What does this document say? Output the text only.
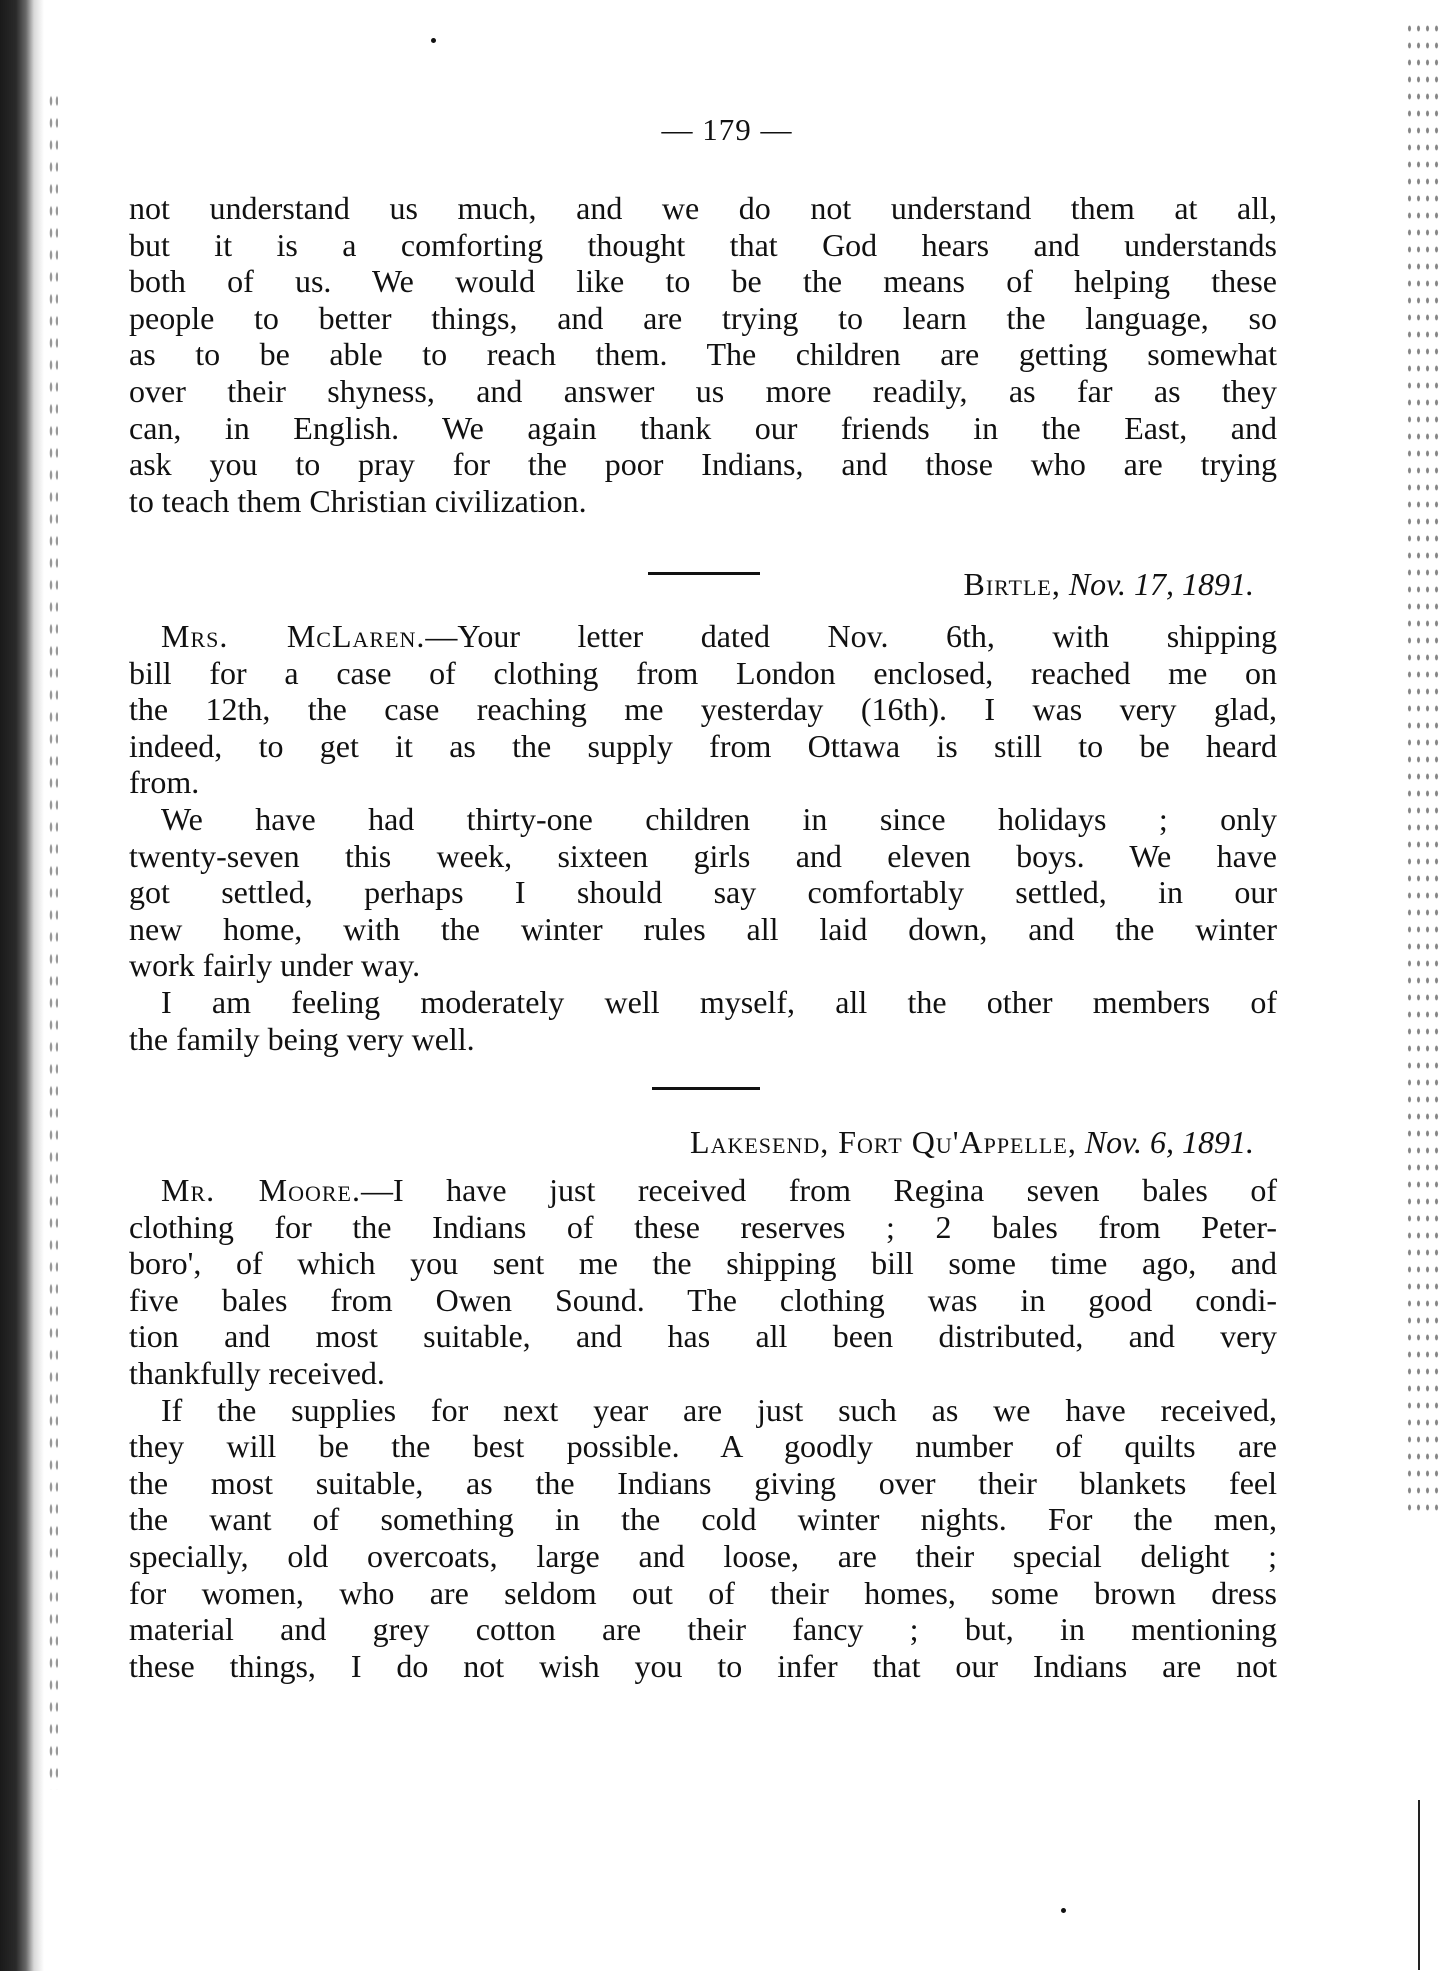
— 179 —
not understand us much, and we do not understand them at all,
but it is a comforting thought that God hears and understands
both of us. We would like to be the means of helping these
people to better things, and are trying to learn the language, so
as to be able to reach them. The children are getting somewhat
over their shyness, and answer us more readily, as far as they
can, in English. We again thank our friends in the East, and
ask you to pray for the poor Indians, and those who are trying
to teach them Christian civilization.
Birtle, Nov. 17, 1891.
Mrs. McLaren.—Your letter dated Nov. 6th, with shipping
bill for a case of clothing from London enclosed, reached me on
the 12th, the case reaching me yesterday (16th). I was very glad,
indeed, to get it as the supply from Ottawa is still to be heard
from.
We have had thirty-one children in since holidays ; only
twenty-seven this week, sixteen girls and eleven boys. We have
got settled, perhaps I should say comfortably settled, in our
new home, with the winter rules all laid down, and the winter
work fairly under way.
I am feeling moderately well myself, all the other members of
the family being very well.
Lakesend, Fort Qu'Appelle, Nov. 6, 1891.
Mr. Moore.—I have just received from Regina seven bales of
clothing for the Indians of these reserves ; 2 bales from Peter-
boro', of which you sent me the shipping bill some time ago, and
five bales from Owen Sound. The clothing was in good condi-
tion and most suitable, and has all been distributed, and very
thankfully received.
If the supplies for next year are just such as we have received,
they will be the best possible. A goodly number of quilts are
the most suitable, as the Indians giving over their blankets feel
the want of something in the cold winter nights. For the men,
specially, old overcoats, large and loose, are their special delight ;
for women, who are seldom out of their homes, some brown dress
material and grey cotton are their fancy ; but, in mentioning
these things, I do not wish you to infer that our Indians are not
